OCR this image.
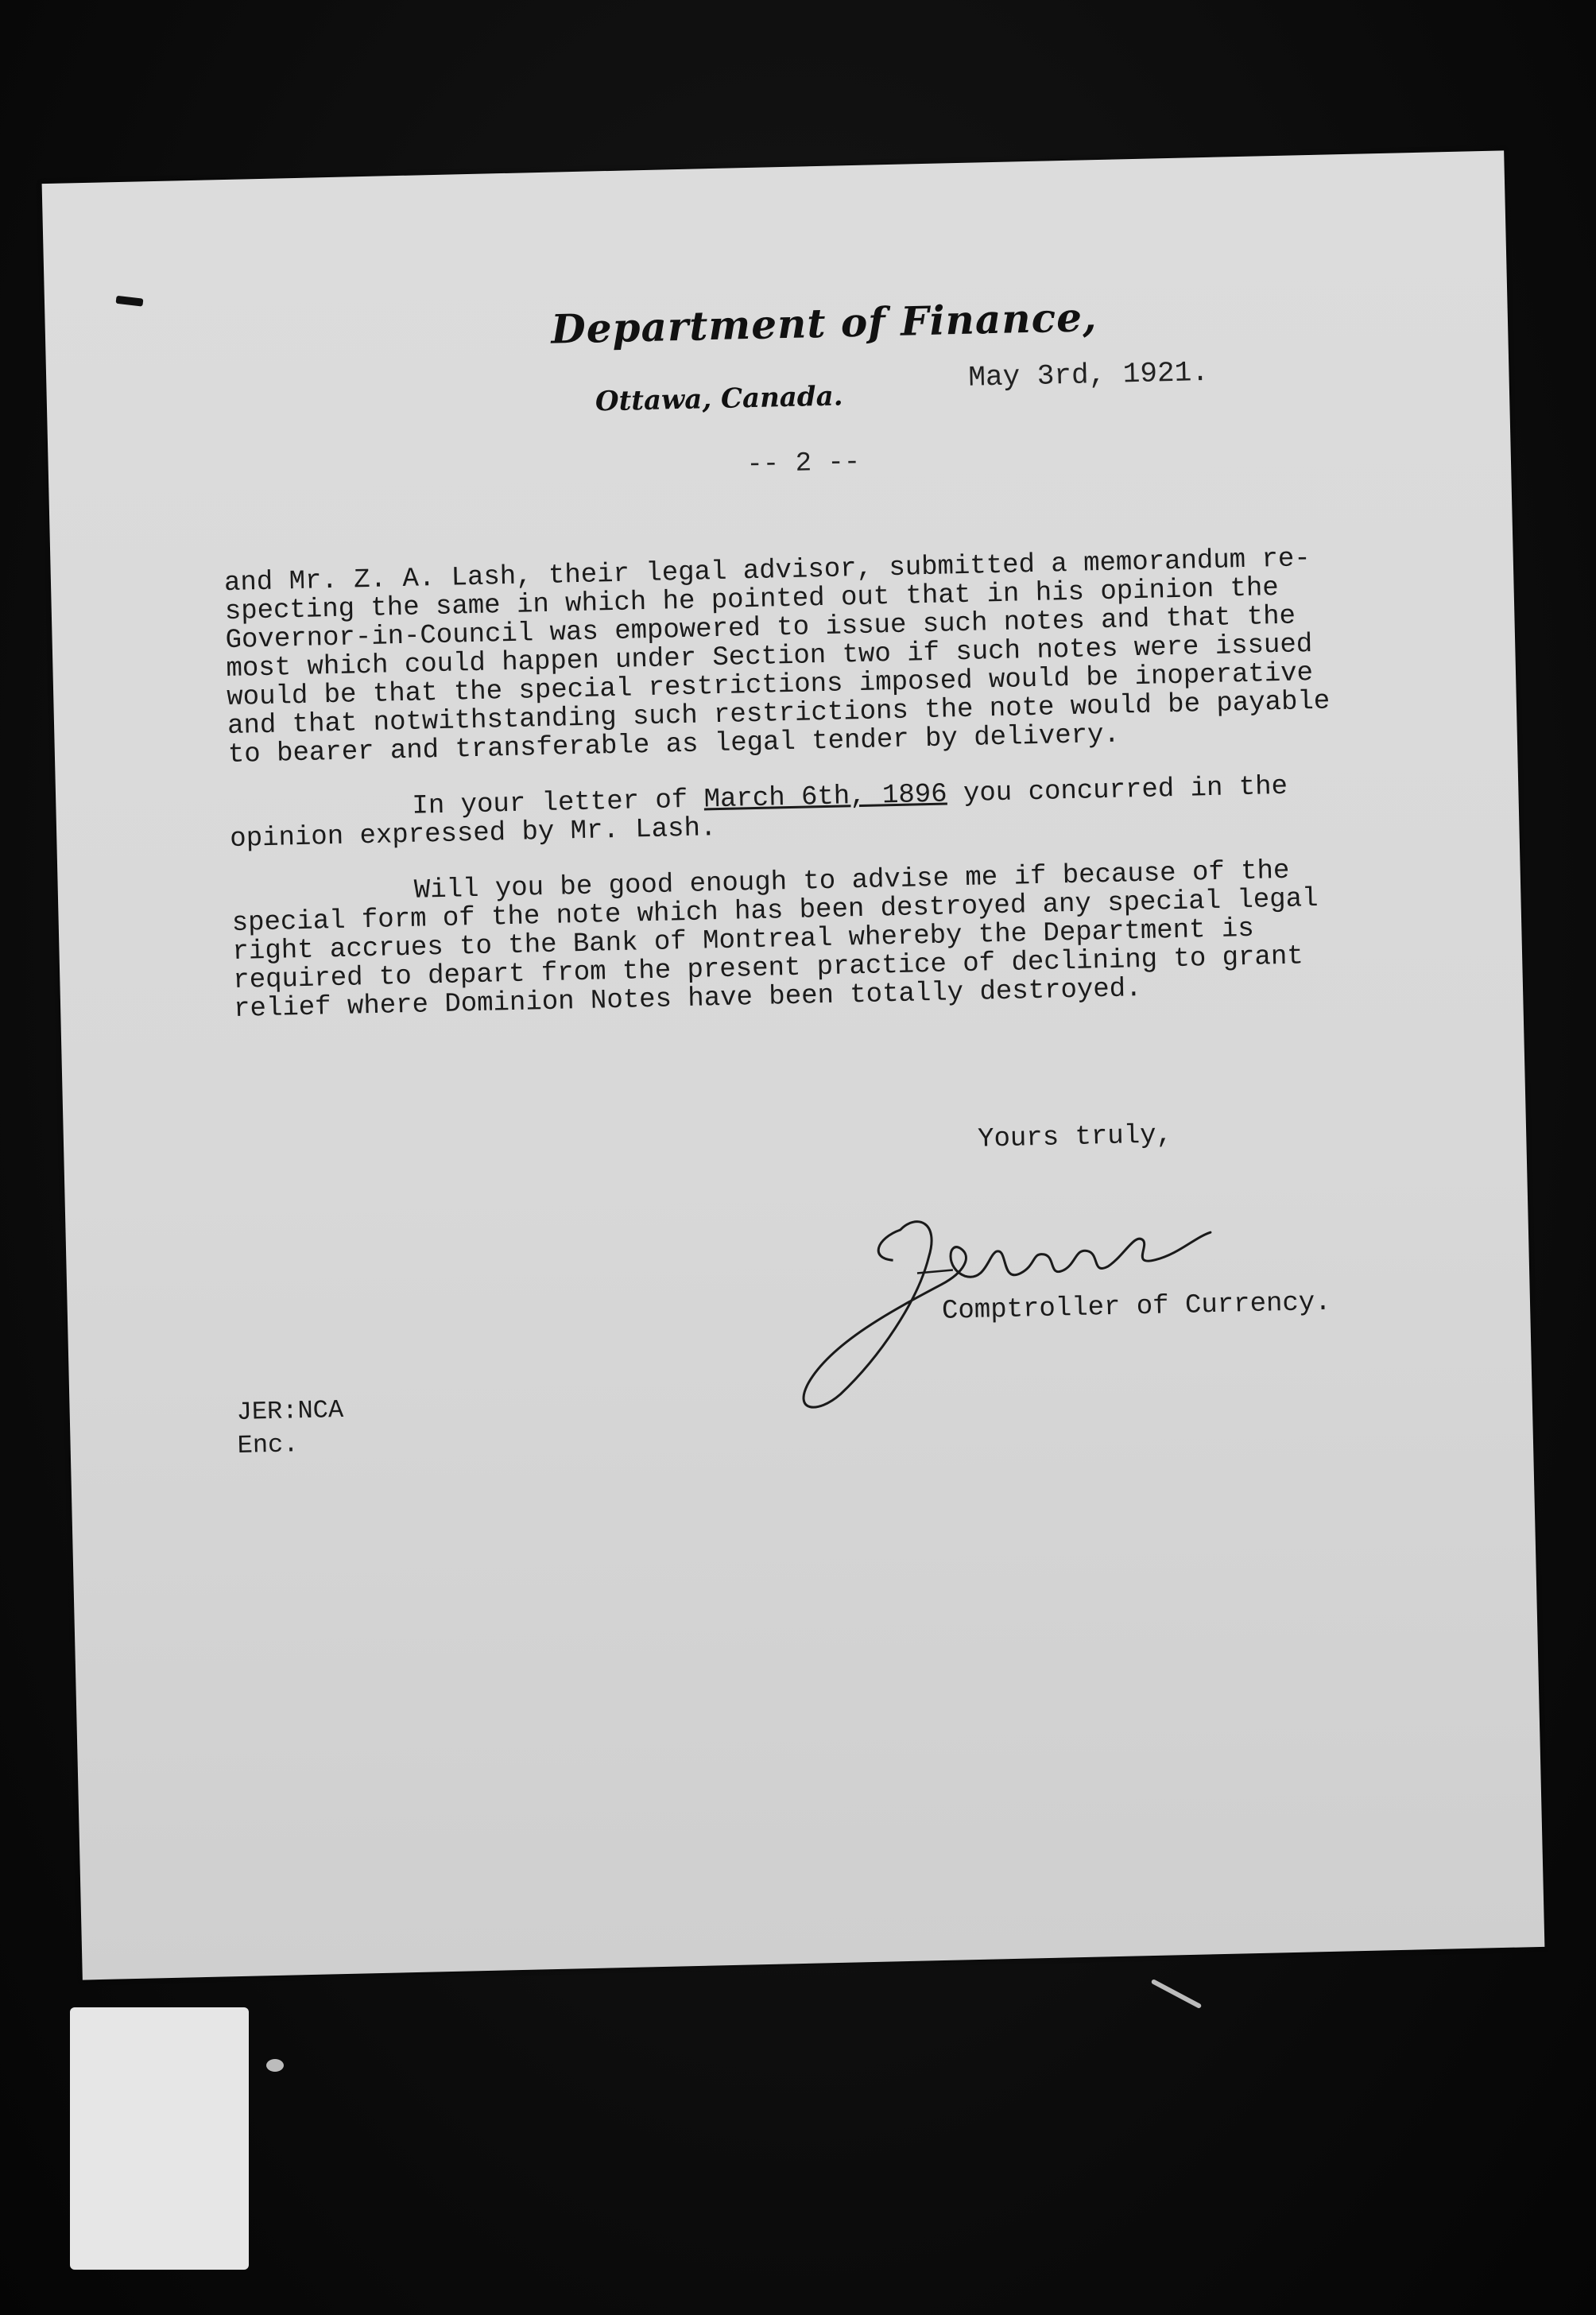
Department of Finance,
Ottawa, Canada.
May 3rd, 1921.
-- 2 --

and Mr. Z. A. Lash, their legal advisor, submitted a memorandum re-
specting the same in which he pointed out that in his opinion the
Governor-in-Council was empowered to issue such notes and that the
most which could happen under Section two if such notes were issued
would be that the special restrictions imposed would be inoperative
and that notwithstanding such restrictions the note would be payable
to bearer and transferable as legal tender by delivery.

In your letter of March 6th, 1896 you concurred in the
opinion expressed by Mr. Lash.

Will you be good enough to advise me if because of the
special form of the note which has been destroyed any special legal
right accrues to the Bank of Montreal whereby the Department is
required to depart from the present practice of declining to grant
relief where Dominion Notes have been totally destroyed.

Yours truly,
Comptroller of Currency.
JER:NCA
Enc.
